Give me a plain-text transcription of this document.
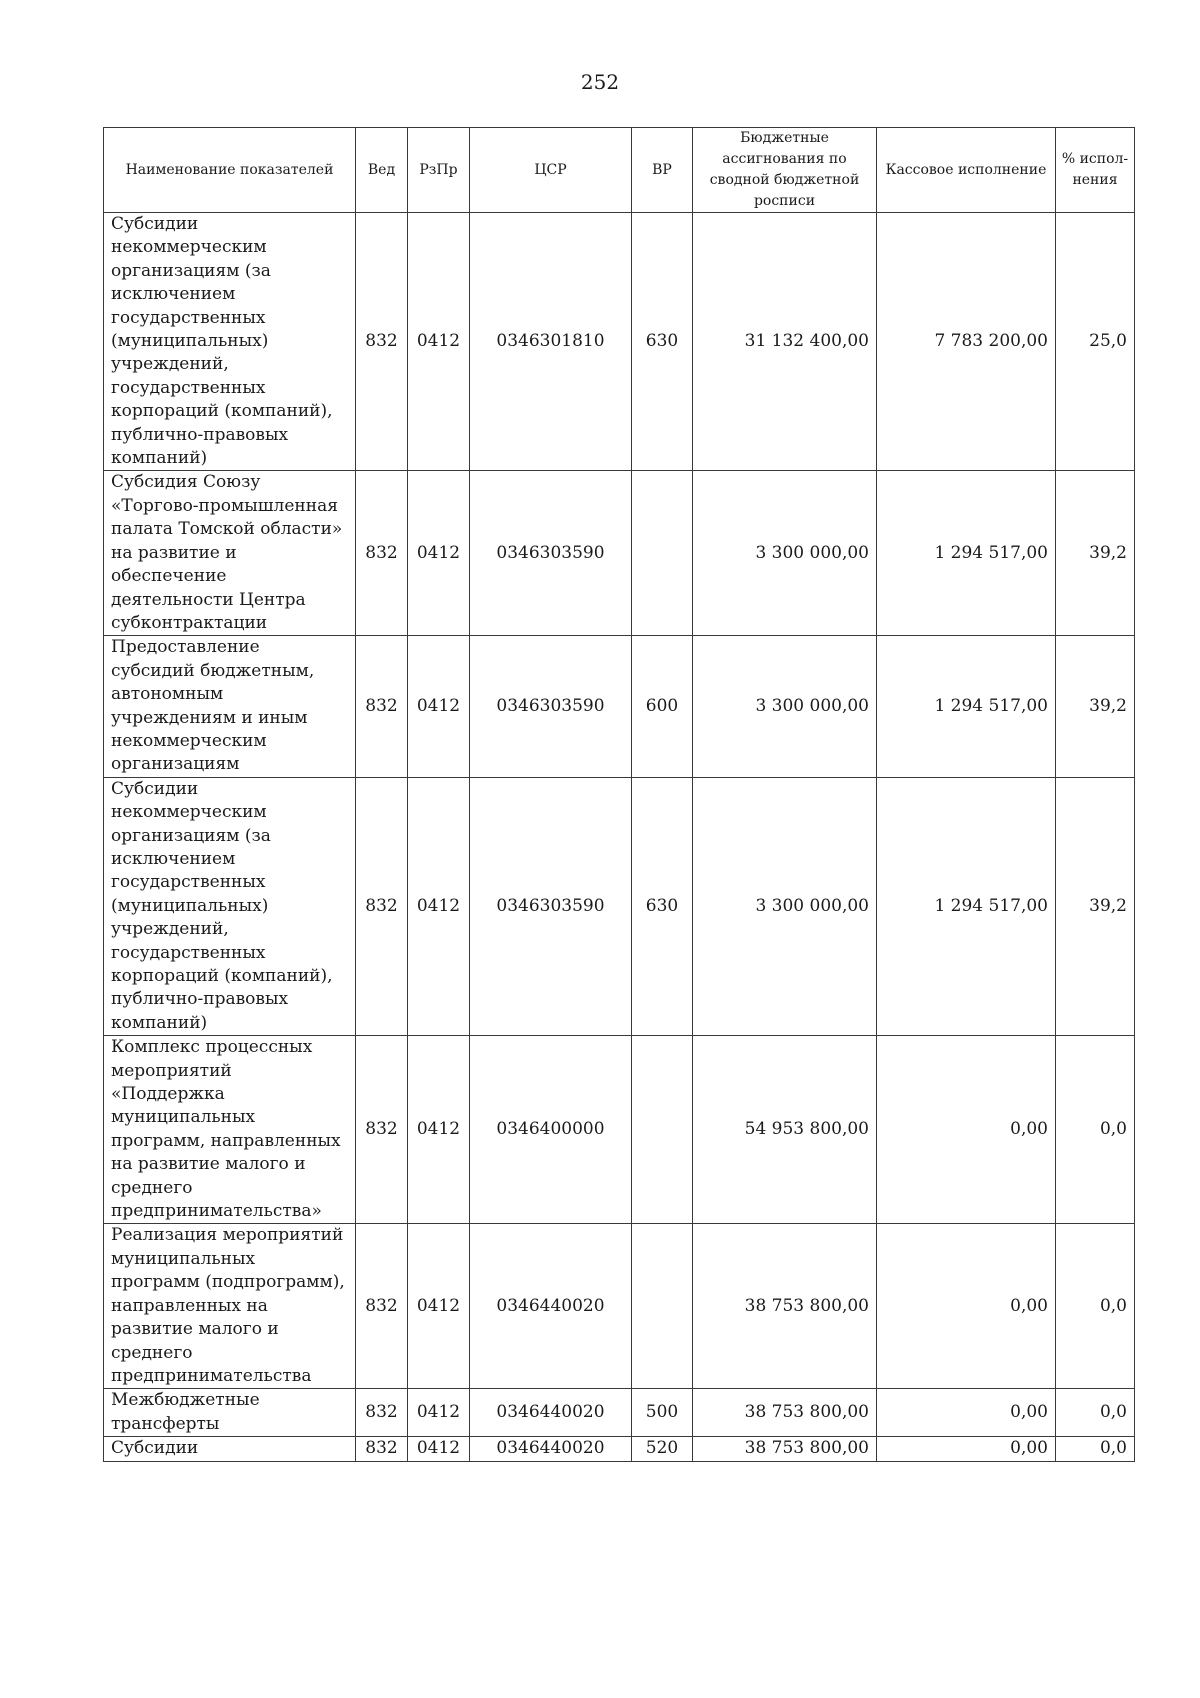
252
Наименование показателей	Вед	РзПр	ЦСР	ВР	Бюджетные ассигнования по сводной бюджетной росписи	Кассовое исполнение	% испол-нения
Субсидии некоммерческим организациям (за исключением государственных (муниципальных) учреждений, государственных корпораций (компаний), публично-правовых компаний)	832	0412	0346301810	630	31 132 400,00	7 783 200,00	25,0
Субсидия Союзу «Торгово-промышленная палата Томской области» на развитие и обеспечение деятельности Центра субконтрактации	832	0412	0346303590		3 300 000,00	1 294 517,00	39,2
Предоставление субсидий бюджетным, автономным учреждениям и иным некоммерческим организациям	832	0412	0346303590	600	3 300 000,00	1 294 517,00	39,2
Субсидии некоммерческим организациям (за исключением государственных (муниципальных) учреждений, государственных корпораций (компаний), публично-правовых компаний)	832	0412	0346303590	630	3 300 000,00	1 294 517,00	39,2
Комплекс процессных мероприятий «Поддержка муниципальных программ, направленных на развитие малого и среднего предпринимательства»	832	0412	0346400000		54 953 800,00	0,00	0,0
Реализация мероприятий муниципальных программ (подпрограмм), направленных на развитие малого и среднего предпринимательства	832	0412	0346440020		38 753 800,00	0,00	0,0
Межбюджетные трансферты	832	0412	0346440020	500	38 753 800,00	0,00	0,0
Субсидии	832	0412	0346440020	520	38 753 800,00	0,00	0,0
